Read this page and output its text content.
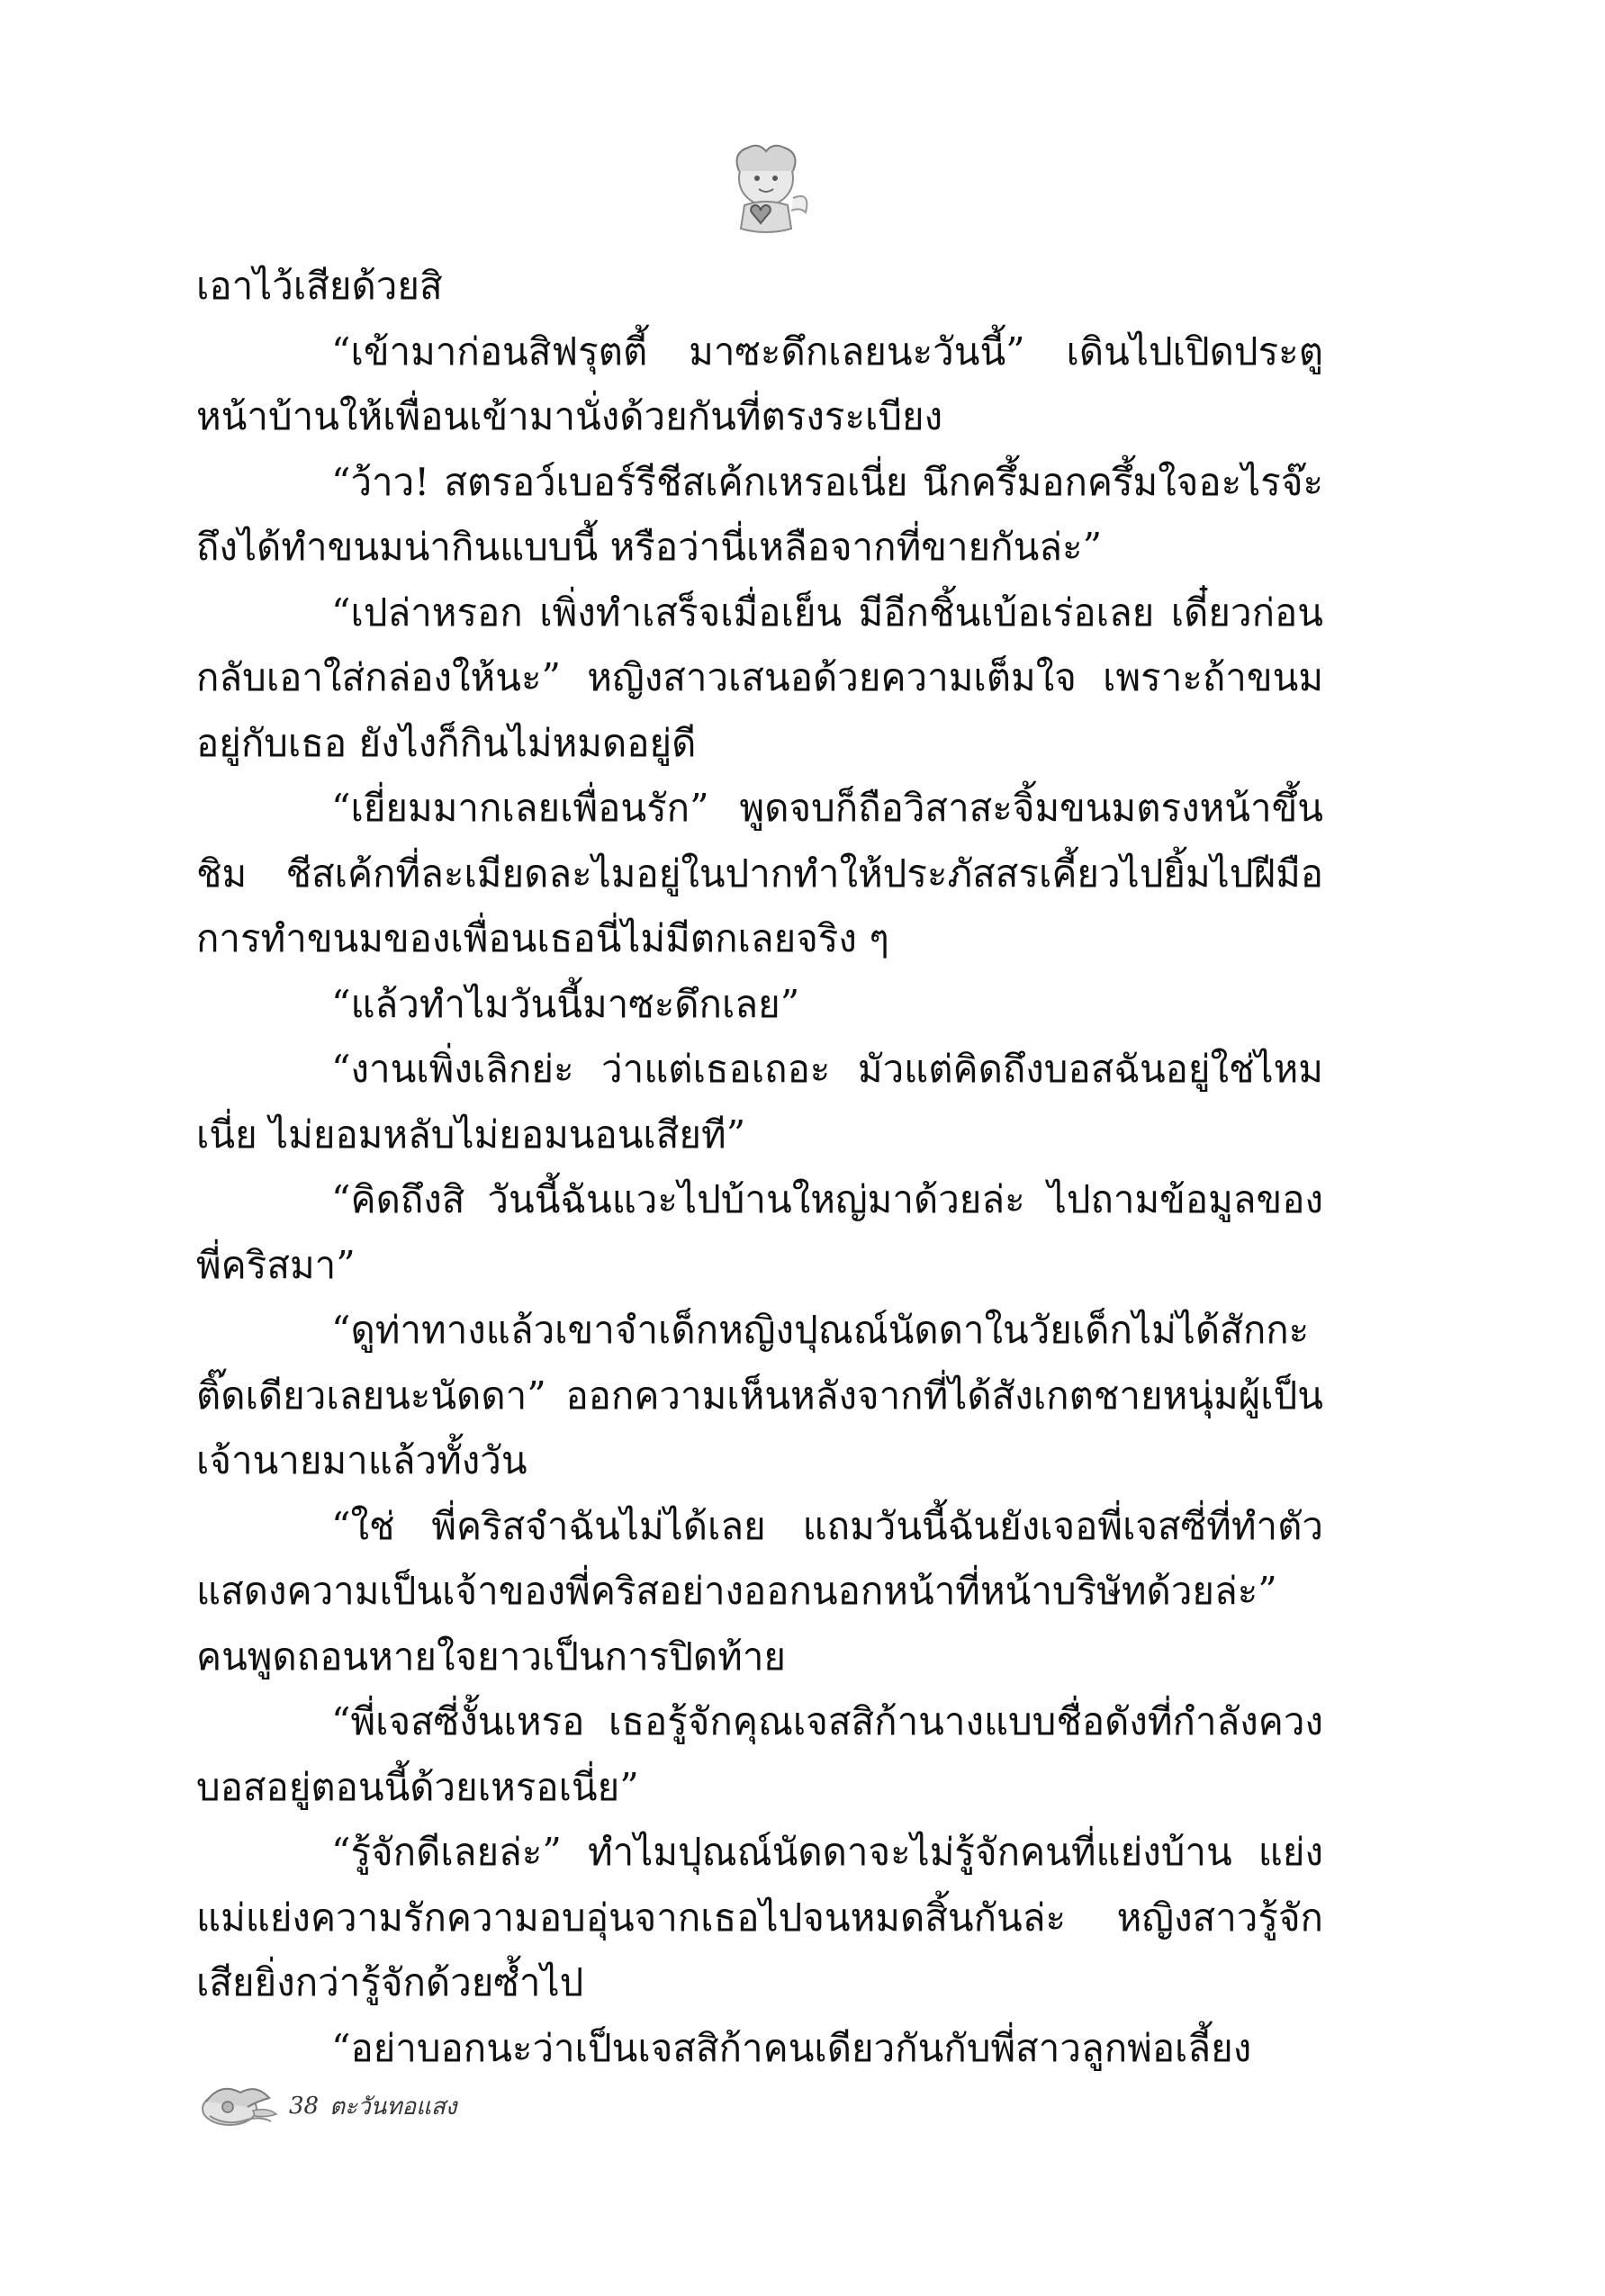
เอาไว้เสียด้วยสิ

“เข้ามาก่อนสิฟรุตตี้ มาซะดึกเลยนะวันนี้” เดินไปเปิดประตูหน้าบ้านให้เพื่อนเข้ามานั่งด้วยกันที่ตรงระเบียง

“ว้าว! สตรอว์เบอร์รีชีสเค้กเหรอเนี่ย นึกครึ้มอกครึ้มใจอะไรจ๊ะถึงได้ทำขนมน่ากินแบบนี้ หรือว่านี่เหลือจากที่ขายกันล่ะ”

“เปล่าหรอก เพิ่งทำเสร็จเมื่อเย็น มีอีกชิ้นเบ้อเร่อเลย เดี๋ยวก่อนกลับเอาใส่กล่องให้นะ” หญิงสาวเสนอด้วยความเต็มใจ เพราะถ้าขนมอยู่กับเธอ ยังไงก็กินไม่หมดอยู่ดี

“เยี่ยมมากเลยเพื่อนรัก” พูดจบก็ถือวิสาสะจิ้มขนมตรงหน้าขึ้นชิม ชีสเค้กที่ละเมียดละไมอยู่ในปากทำให้ประภัสสรเคี้ยวไปยิ้มไปฝีมือการทำขนมของเพื่อนเธอนี่ไม่มีตกเลยจริง ๆ

“แล้วทำไมวันนี้มาซะดึกเลย”

“งานเพิ่งเลิกย่ะ ว่าแต่เธอเถอะ มัวแต่คิดถึงบอสฉันอยู่ใช่ไหมเนี่ย ไม่ยอมหลับไม่ยอมนอนเสียที”

“คิดถึงสิ วันนี้ฉันแวะไปบ้านใหญ่มาด้วยล่ะ ไปถามข้อมูลของพี่คริสมา”

“ดูท่าทางแล้วเขาจำเด็กหญิงปุณณ์นัดดาในวัยเด็กไม่ได้สักกะติ๊ดเดียวเลยนะนัดดา” ออกความเห็นหลังจากที่ได้สังเกตชายหนุ่มผู้เป็นเจ้านายมาแล้วทั้งวัน

“ใช่ พี่คริสจำฉันไม่ได้เลย แถมวันนี้ฉันยังเจอพี่เจสซี่ที่ทำตัวแสดงความเป็นเจ้าของพี่คริสอย่างออกนอกหน้าที่หน้าบริษัทด้วยล่ะ” คนพูดถอนหายใจยาวเป็นการปิดท้าย

“พี่เจสซี่งั้นเหรอ เธอรู้จักคุณเจสสิก้านางแบบชื่อดังที่กำลังควงบอสอยู่ตอนนี้ด้วยเหรอเนี่ย”

“รู้จักดีเลยล่ะ” ทำไมปุณณ์นัดดาจะไม่รู้จักคนที่แย่งบ้าน แย่งแม่แย่งความรักความอบอุ่นจากเธอไปจนหมดสิ้นกันล่ะ หญิงสาวรู้จักเสียยิ่งกว่ารู้จักด้วยซ้ำไป

“อย่าบอกนะว่าเป็นเจสสิก้าคนเดียวกันกับพี่สาวลูกพ่อเลี้ยง

38 ตะวันทอแสง
